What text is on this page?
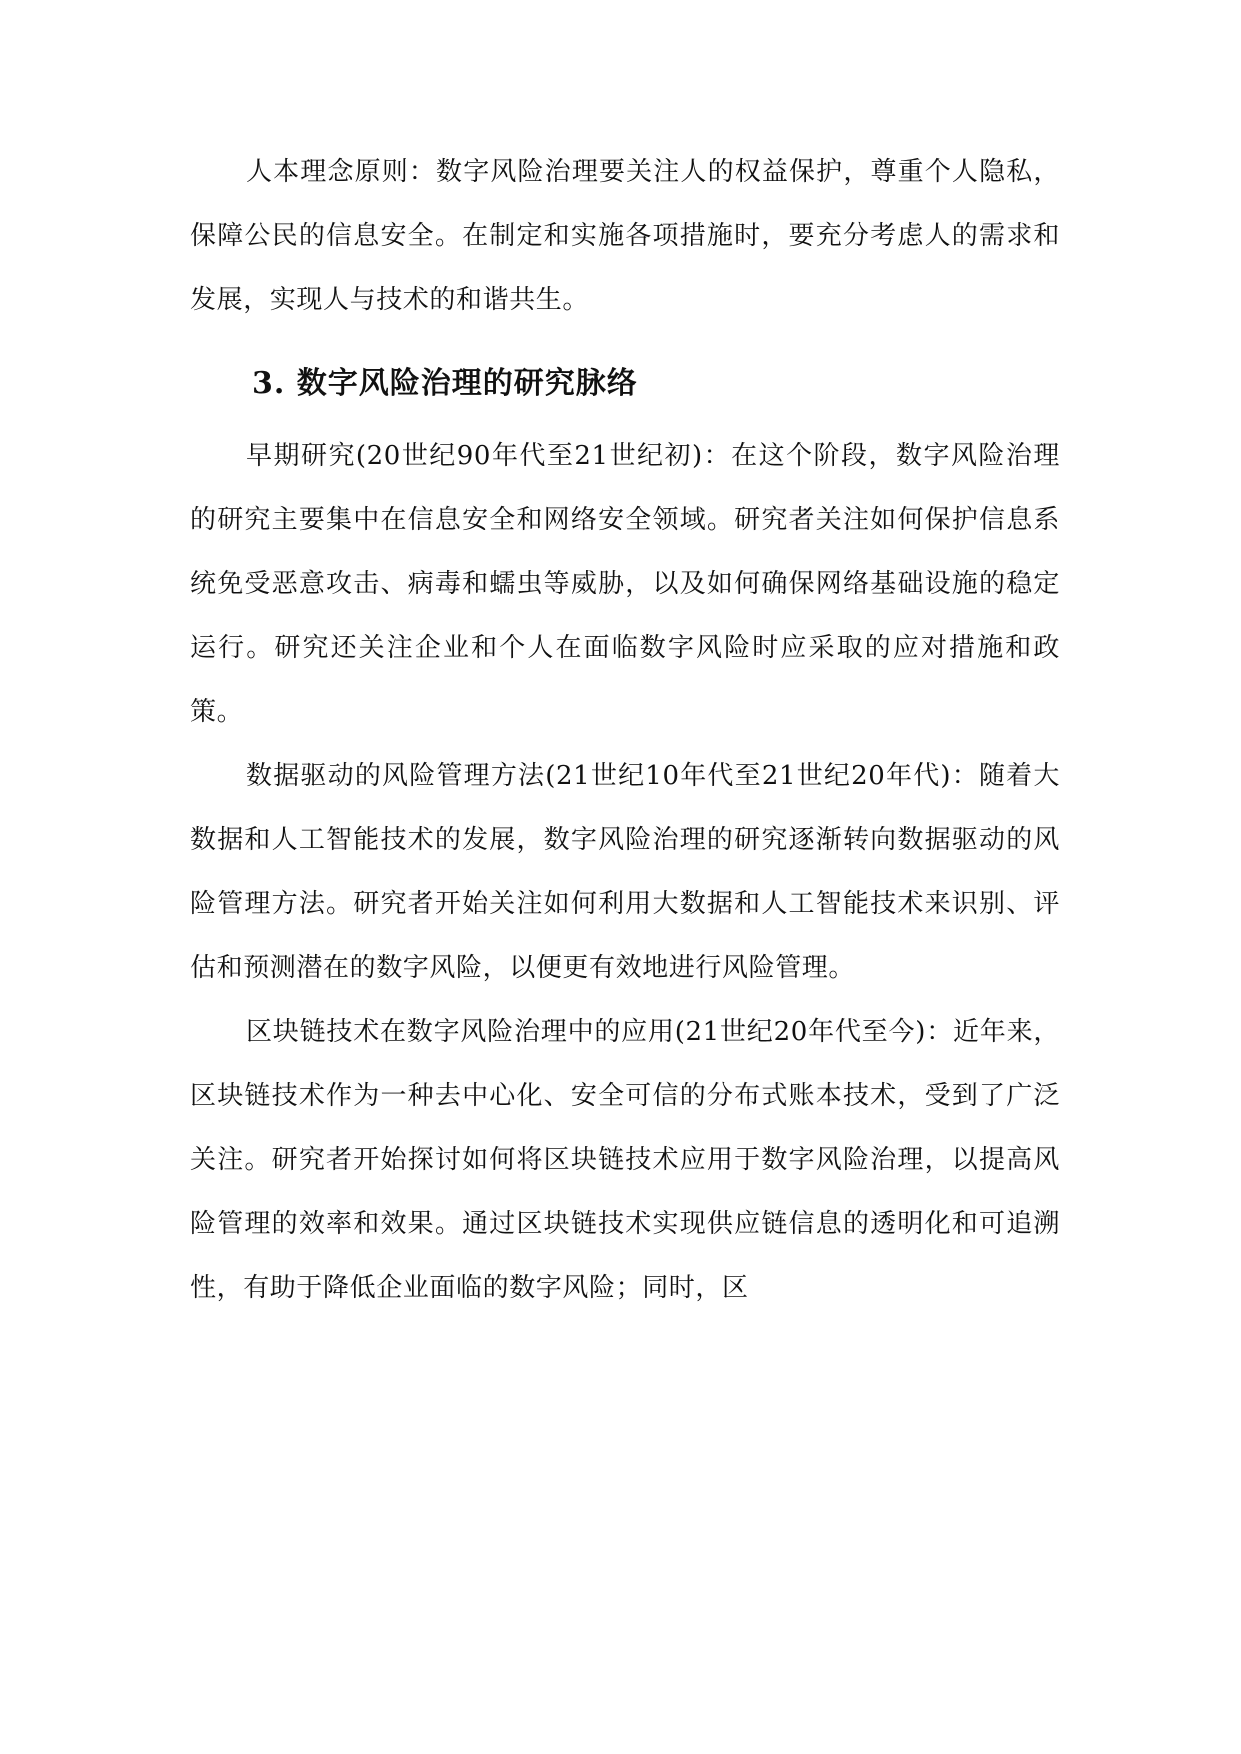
人本理念原则：数字风险治理要关注人的权益保护，尊重个人隐私，保障公民的信息安全。在制定和实施各项措施时，要充分考虑人的需求和发展，实现人与技术的和谐共生。

3. 数字风险治理的研究脉络

早期研究(20世纪90年代至21世纪初)：在这个阶段，数字风险治理的研究主要集中在信息安全和网络安全领域。研究者关注如何保护信息系统免受恶意攻击、病毒和蠕虫等威胁，以及如何确保网络基础设施的稳定运行。研究还关注企业和个人在面临数字风险时应采取的应对措施和政策。

数据驱动的风险管理方法(21世纪10年代至21世纪20年代)：随着大数据和人工智能技术的发展，数字风险治理的研究逐渐转向数据驱动的风险管理方法。研究者开始关注如何利用大数据和人工智能技术来识别、评估和预测潜在的数字风险，以便更有效地进行风险管理。

区块链技术在数字风险治理中的应用(21世纪20年代至今)：近年来，区块链技术作为一种去中心化、安全可信的分布式账本技术，受到了广泛关注。研究者开始探讨如何将区块链技术应用于数字风险治理，以提高风险管理的效率和效果。通过区块链技术实现供应链信息的透明化和可追溯性，有助于降低企业面临的数字风险；同时，区
